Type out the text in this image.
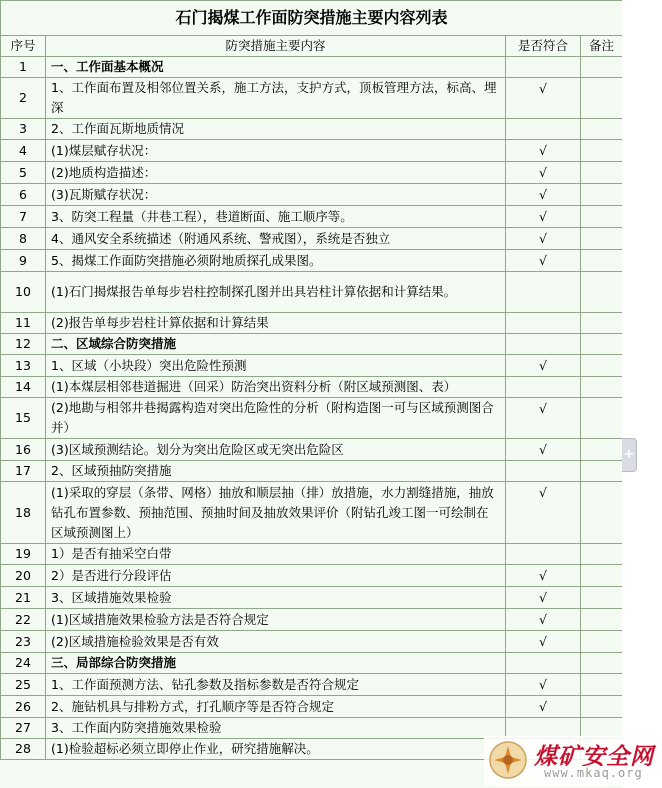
石门揭煤工作面防突措施主要内容列表			
序号	防突措施主要内容	是否符合	备注
1	一、工作面基本概况		
2	1、工作面布置及相邻位置关系，施工方法，支护方式，顶板管理方法，标高、埋深	√	
3	2、工作面瓦斯地质情况		
4	(1)煤层赋存状况：	√	
5	(2)地质构造描述：	√	
6	(3)瓦斯赋存状况：	√	
7	3、防突工程量（井巷工程），巷道断面、施工顺序等。	√	
8	4、通风安全系统描述（附通风系统、警戒图），系统是否独立	√	
9	5、揭煤工作面防突措施必须附地质探孔成果图。	√	
10	(1)石门揭煤报告单每步岩柱控制探孔图并出具岩柱计算依据和计算结果。		
11	(2)报告单每步岩柱计算依据和计算结果		
12	二、区域综合防突措施		
13	1、区域（小块段）突出危险性预测	√	
14	(1)本煤层相邻巷道掘进（回采）防治突出资料分析（附区域预测图、表）		
15	(2)地勘与相邻井巷揭露构造对突出危险性的分析（附构造图一可与区域预测图合并）	√	
16	(3)区域预测结论。划分为突出危险区或无突出危险区	√	
17	2、区域预抽防突措施		
18	(1)采取的穿层（条带、网格）抽放和顺层抽（排）放措施，水力割缝措施，抽放钻孔布置参数、预抽范围、预抽时间及抽放效果评价（附钻孔竣工图一可绘制在区域预测图上）	√	
19	1）是否有抽采空白带		
20	2）是否进行分段评估	√	
21	3、区域措施效果检验	√	
22	(1)区域措施效果检验方法是否符合规定	√	
23	(2)区域措施检验效果是否有效	√	
24	三、局部综合防突措施		
25	1、工作面预测方法、钻孔参数及指标参数是否符合规定	√	
26	2、施钻机具与排粉方式，打孔顺序等是否符合规定	√	
27	3、工作面内防突措施效果检验		
28	(1)检验超标必须立即停止作业，研究措施解决。		
+
煤矿安全网
www.mkaq.org
